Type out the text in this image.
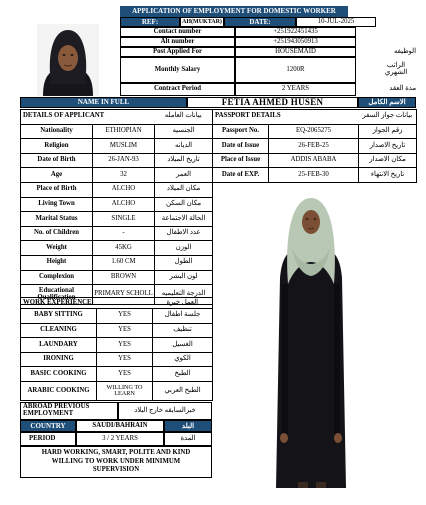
APPLICATION OF EMPLOYMENT FOR DOMESTIC WORKER
REF:	AH(MUKTAR)	DATE:	10-JUL-2025
Contact number	+251922451435
Alt number	+251943050913
Post Applied For	HOUSEMAID	الوظيفه
Monthly Salary	1200R	الراتب الشهري
Contract Period	2 YEARS	مدة العقد
NAME IN FULL	FETIA AHMED HUSEN	الاسم الكامل
DETAILS OF APPLICANT		بيانات العامله
Nationality	ETHIOPIAN	الجنسيه
Religion	MUSLIM	الديانه
Date of Birth	26-JAN-93	تاريخ الميلاد
Age	32	العمر
Place of Birth	ALCHO	مكان الميلاد
Living Town	ALCHO	مكان السكن
Marital Status	SINGLE	الحالة الاجتماعة
No. of Children	-	عدد الاطفال
Weight	45KG	الوزن
Height	1.60 CM	الطول
Complexion	BROWN	لون البشر
Educational Qualification	PRIMARY SCHOLL	الدرجة التعليميه
PASSPORT DETAILS		بيانات جواز السفر
Passport No.	EQ-2065275	رقم الجواز
Date of Issue	26-FEB-25	تاريخ الاصدار
Place of Issue	ADDIS ABABA	مكان الاصدار
Date of EXP.	25-FEB-30	تاريخ الانتهاء
WORK EXPERIENCE:		العمل خبرة
BABY SITTING	YES	جلسة اطفال
CLEANING	YES	تنظيف
LAUNDARY	YES	الغسيل
IRONING	YES	الكوي
BASIC COOKING	YES	الطبخ
ARABIC COOKING	WILLING TO LEARN	الطبخ العربي
ABROAD PREVIOUS EMPLOYMENT	خبرالسابقه خارج البلاد
COUNTRY	SAUDI/BAHRAIN	البلد
PERIOD	3 / 2 YEARS	المدة
HARD WORKING, SMART, POLITE AND KIND WILLING TO WORK UNDER MINIMUM SUPERVISION
